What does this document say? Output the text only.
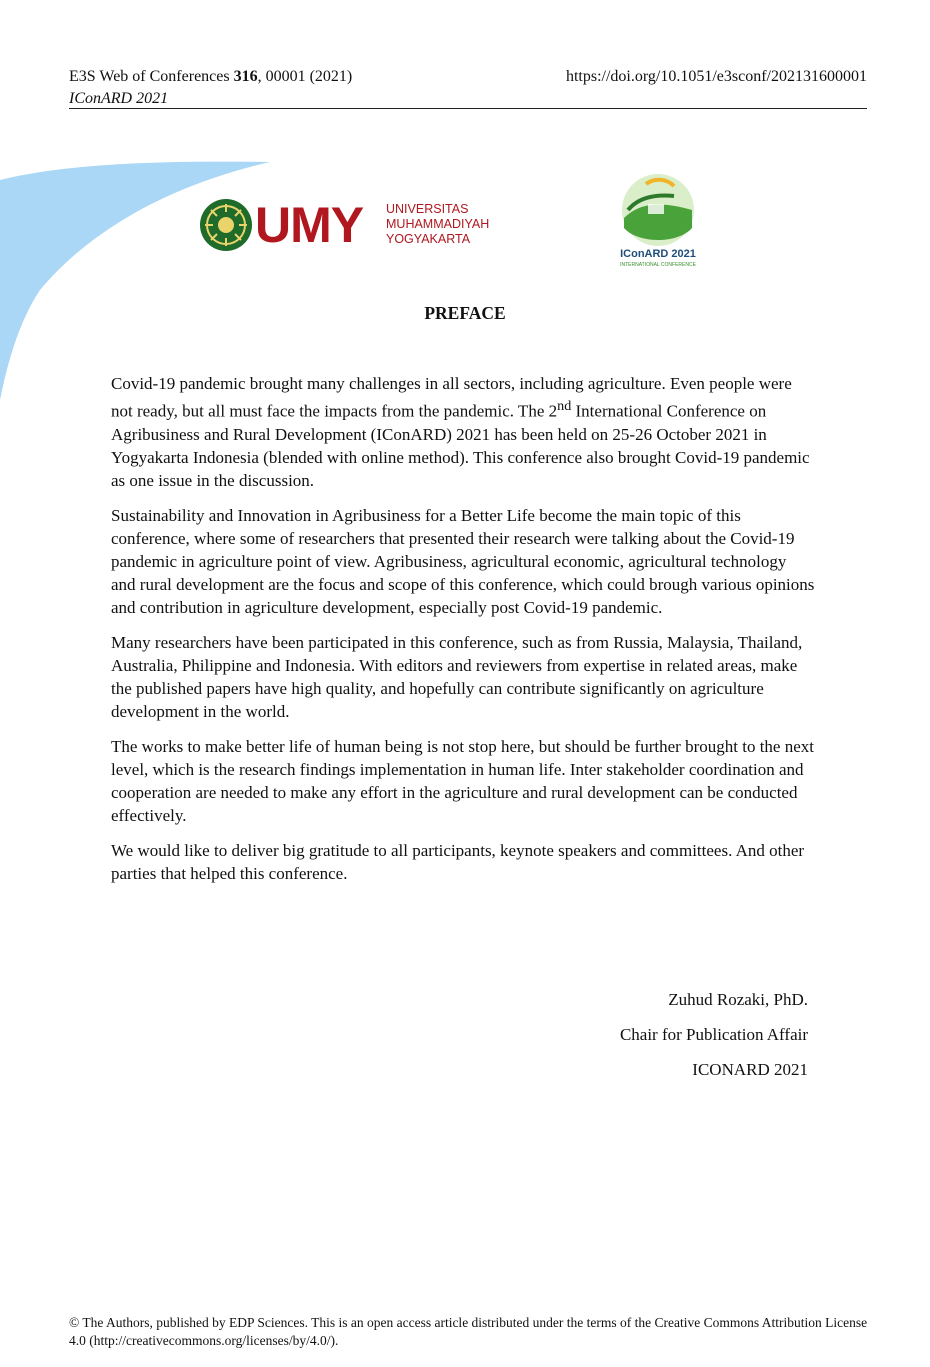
E3S Web of Conferences 316, 00001 (2021)
IConARD 2021
https://doi.org/10.1051/e3sconf/202131600001
UMY UNIVERSITAS
MUHAMMADIYAH
YOGYAKARTA
IConARD 2021
INTERNATIONAL CONFERENCE
PREFACE

Covid-19 pandemic brought many challenges in all sectors, including agriculture. Even people were not ready, but all must face the impacts from the pandemic. The 2nd International Conference on Agribusiness and Rural Development (IConARD) 2021 has been held on 25-26 October 2021 in Yogyakarta Indonesia (blended with online method). This conference also brought Covid-19 pandemic as one issue in the discussion.

Sustainability and Innovation in Agribusiness for a Better Life become the main topic of this conference, where some of researchers that presented their research were talking about the Covid-19 pandemic in agriculture point of view. Agribusiness, agricultural economic, agricultural technology and rural development are the focus and scope of this conference, which could brough various opinions and contribution in agriculture development, especially post Covid-19 pandemic.

Many researchers have been participated in this conference, such as from Russia, Malaysia, Thailand, Australia, Philippine and Indonesia. With editors and reviewers from expertise in related areas, make the published papers have high quality, and hopefully can contribute significantly on agriculture development in the world.

The works to make better life of human being is not stop here, but should be further brought to the next level, which is the research findings implementation in human life. Inter stakeholder coordination and cooperation are needed to make any effort in the agriculture and rural development can be conducted effectively.

We would like to deliver big gratitude to all participants, keynote speakers and committees. And other parties that helped this conference.

Zuhud Rozaki, PhD.
Chair for Publication Affair
ICONARD 2021
© The Authors, published by EDP Sciences. This is an open access article distributed under the terms of the Creative Commons Attribution License 4.0 (http://creativecommons.org/licenses/by/4.0/).
